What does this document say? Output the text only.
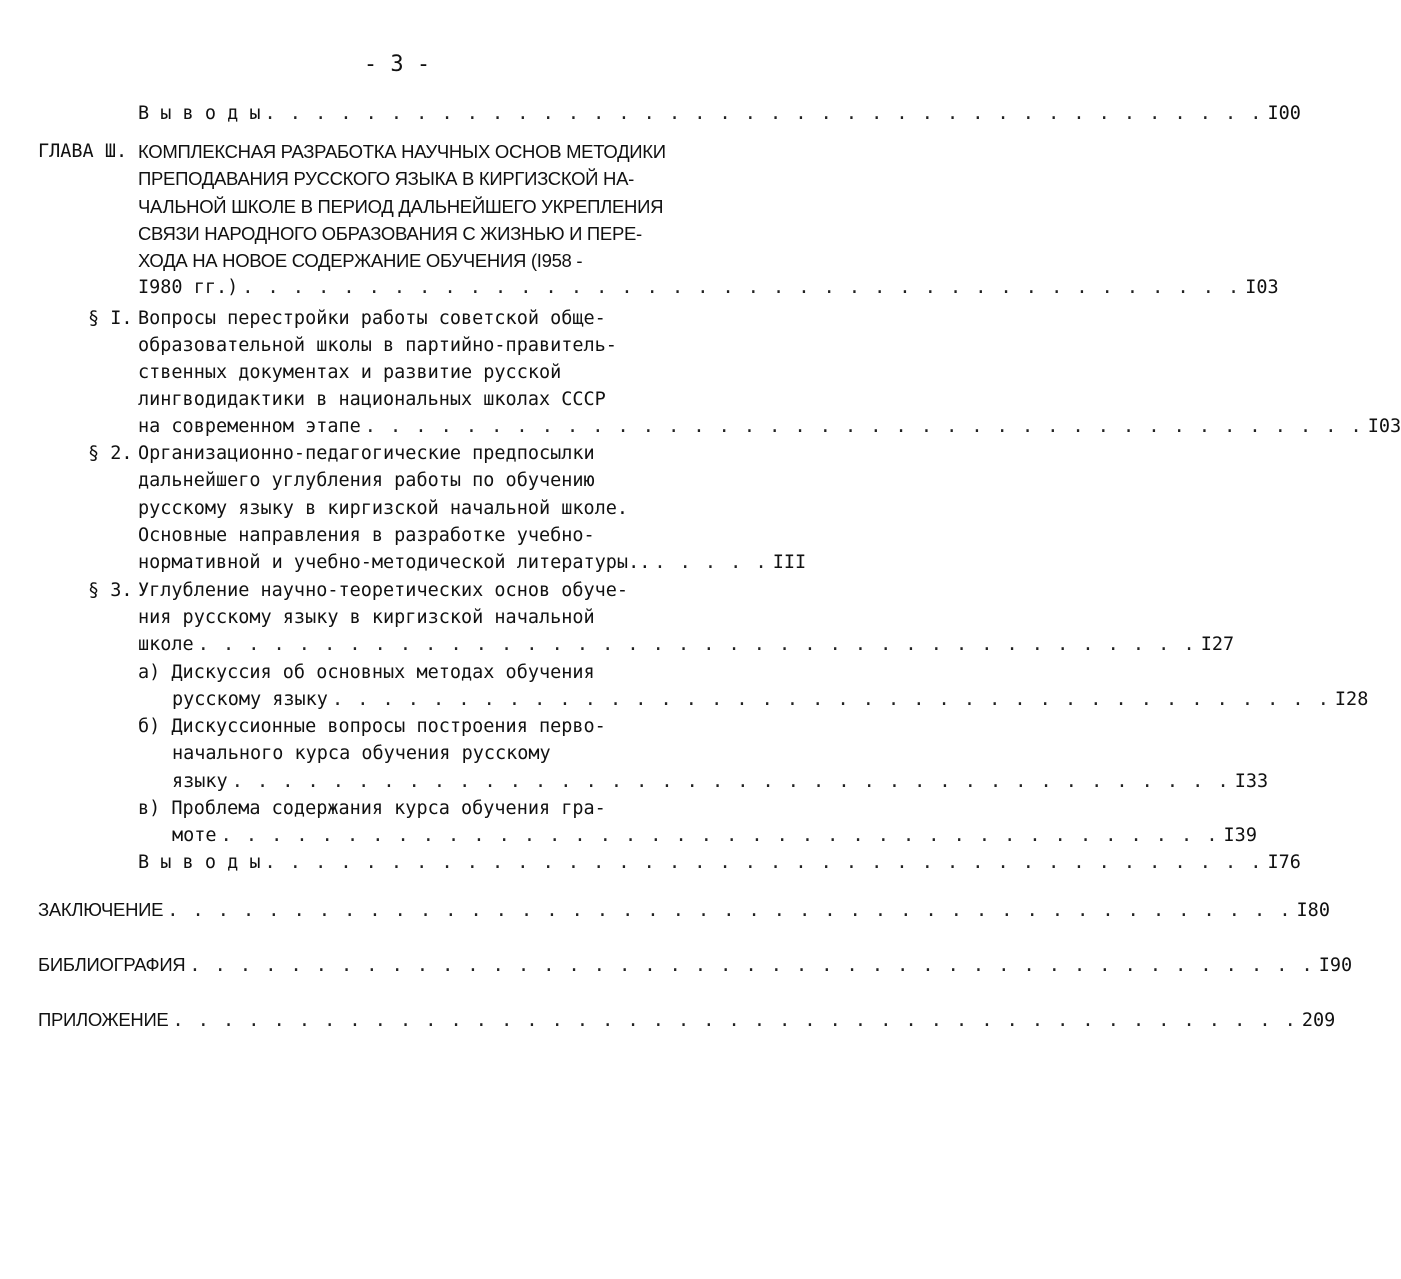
- 3 -
В ы в о д ы . . . . . . . . . . . . . . . . . . . . . . . . . . . . . . . . . . . . . . . . I00
ГЛАВА Ш. КОМПЛЕКСНАЯ РАЗРАБОТКА НАУЧНЫХ ОСНОВ МЕТОДИКИ
ПРЕПОДАВАНИЯ РУССКОГО ЯЗЫКА В КИРГИЗСКОЙ НА-
ЧАЛЬНОЙ ШКОЛЕ В ПЕРИОД ДАЛЬНЕЙШЕГО УКРЕПЛЕНИЯ
СВЯЗИ НАРОДНОГО ОБРАЗОВАНИЯ С ЖИЗНЬЮ И ПЕРЕ-
ХОДА НА НОВОЕ СОДЕРЖАНИЕ ОБУЧЕНИЯ (I958 -
I980 гг.) . . . . . . . . . . . . . . . . . . . . . . . . . . . . . . . . . . . . . . . . I03
§ I. Вопросы перестройки работы советской обще-
образовательной школы в партийно-правитель-
ственных документах и развитие русской
лингводидактики в национальных школах СССР
на современном этапе . . . . . . . . . . . . . . . . . . . . . . . . . . . . . . . . . . . . . . . . I03
§ 2. Организационно-педагогические предпосылки
дальнейшего углубления работы по обучению
русскому языку в киргизской начальной школе.
Основные направления в разработке учебно-
нормативной и учебно-методической литературы.. . . . . . III
§ 3. Углубление научно-теоретических основ обуче-
ния русскому языку в киргизской начальной
школе . . . . . . . . . . . . . . . . . . . . . . . . . . . . . . . . . . . . . . . . I27
а) Дискуссия об основных методах обучения
русскому языку . . . . . . . . . . . . . . . . . . . . . . . . . . . . . . . . . . . . . . . . I28
б) Дискуссионные вопросы построения перво-
начального курса обучения русскому
языку . . . . . . . . . . . . . . . . . . . . . . . . . . . . . . . . . . . . . . . . I33
в) Проблема содержания курса обучения гра-
моте . . . . . . . . . . . . . . . . . . . . . . . . . . . . . . . . . . . . . . . . I39
В ы в о д ы . . . . . . . . . . . . . . . . . . . . . . . . . . . . . . . . . . . . . . . . I76
ЗАКЛЮЧЕНИЕ . . . . . . . . . . . . . . . . . . . . . . . . . . . . . . . . . . . . . . . . . . . . . I80
БИБЛИОГРАФИЯ . . . . . . . . . . . . . . . . . . . . . . . . . . . . . . . . . . . . . . . . . . . . . I90
ПРИЛОЖЕНИЕ . . . . . . . . . . . . . . . . . . . . . . . . . . . . . . . . . . . . . . . . . . . . . 209
